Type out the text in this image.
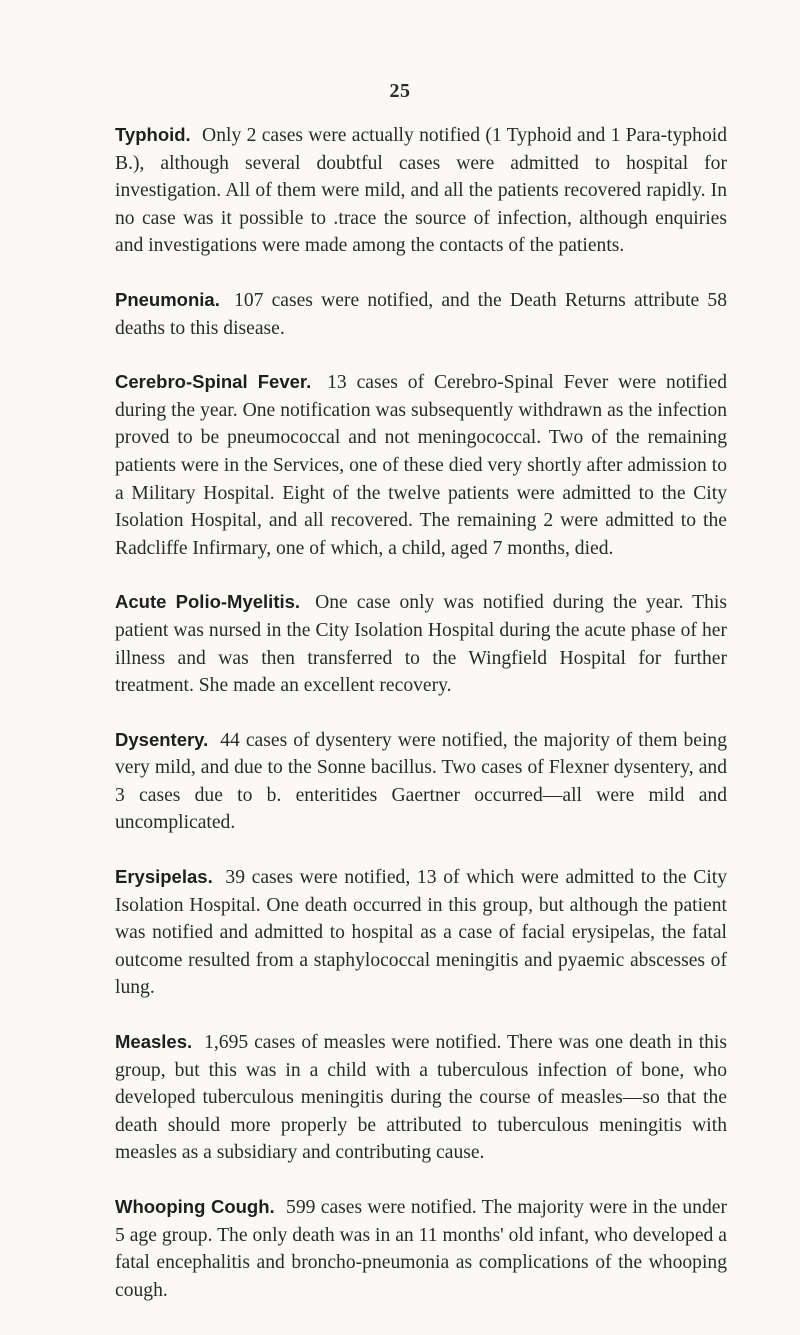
25

Typhoid. Only 2 cases were actually notified (1 Typhoid and 1 Para-typhoid B.), although several doubtful cases were admitted to hospital for investigation. All of them were mild, and all the patients recovered rapidly. In no case was it possible to .trace the source of infection, although enquiries and investigations were made among the contacts of the patients.

Pneumonia. 107 cases were notified, and the Death Returns attribute 58 deaths to this disease.

Cerebro-Spinal Fever. 13 cases of Cerebro-Spinal Fever were notified during the year. One notification was subsequently withdrawn as the infection proved to be pneumococcal and not meningococcal. Two of the remaining patients were in the Services, one of these died very shortly after admission to a Military Hospital. Eight of the twelve patients were admitted to the City Isolation Hospital, and all recovered. The remaining 2 were admitted to the Radcliffe Infirmary, one of which, a child, aged 7 months, died.

Acute Polio-Myelitis. One case only was notified during the year. This patient was nursed in the City Isolation Hospital during the acute phase of her illness and was then transferred to the Wingfield Hospital for further treatment. She made an excellent recovery.

Dysentery. 44 cases of dysentery were notified, the majority of them being very mild, and due to the Sonne bacillus. Two cases of Flexner dysentery, and 3 cases due to b. enteritides Gaertner occurred—all were mild and uncomplicated.

Erysipelas. 39 cases were notified, 13 of which were admitted to the City Isolation Hospital. One death occurred in this group, but although the patient was notified and admitted to hospital as a case of facial erysipelas, the fatal outcome resulted from a staphylococcal meningitis and pyaemic abscesses of lung.

Measles. 1,695 cases of measles were notified. There was one death in this group, but this was in a child with a tuberculous infection of bone, who developed tuberculous meningitis during the course of measles—so that the death should more properly be attributed to tuberculous meningitis with measles as a subsidiary and contributing cause.

Whooping Cough. 599 cases were notified. The majority were in the under 5 age group. The only death was in an 11 months' old infant, who developed a fatal encephalitis and broncho-pneumonia as complications of the whooping cough.
